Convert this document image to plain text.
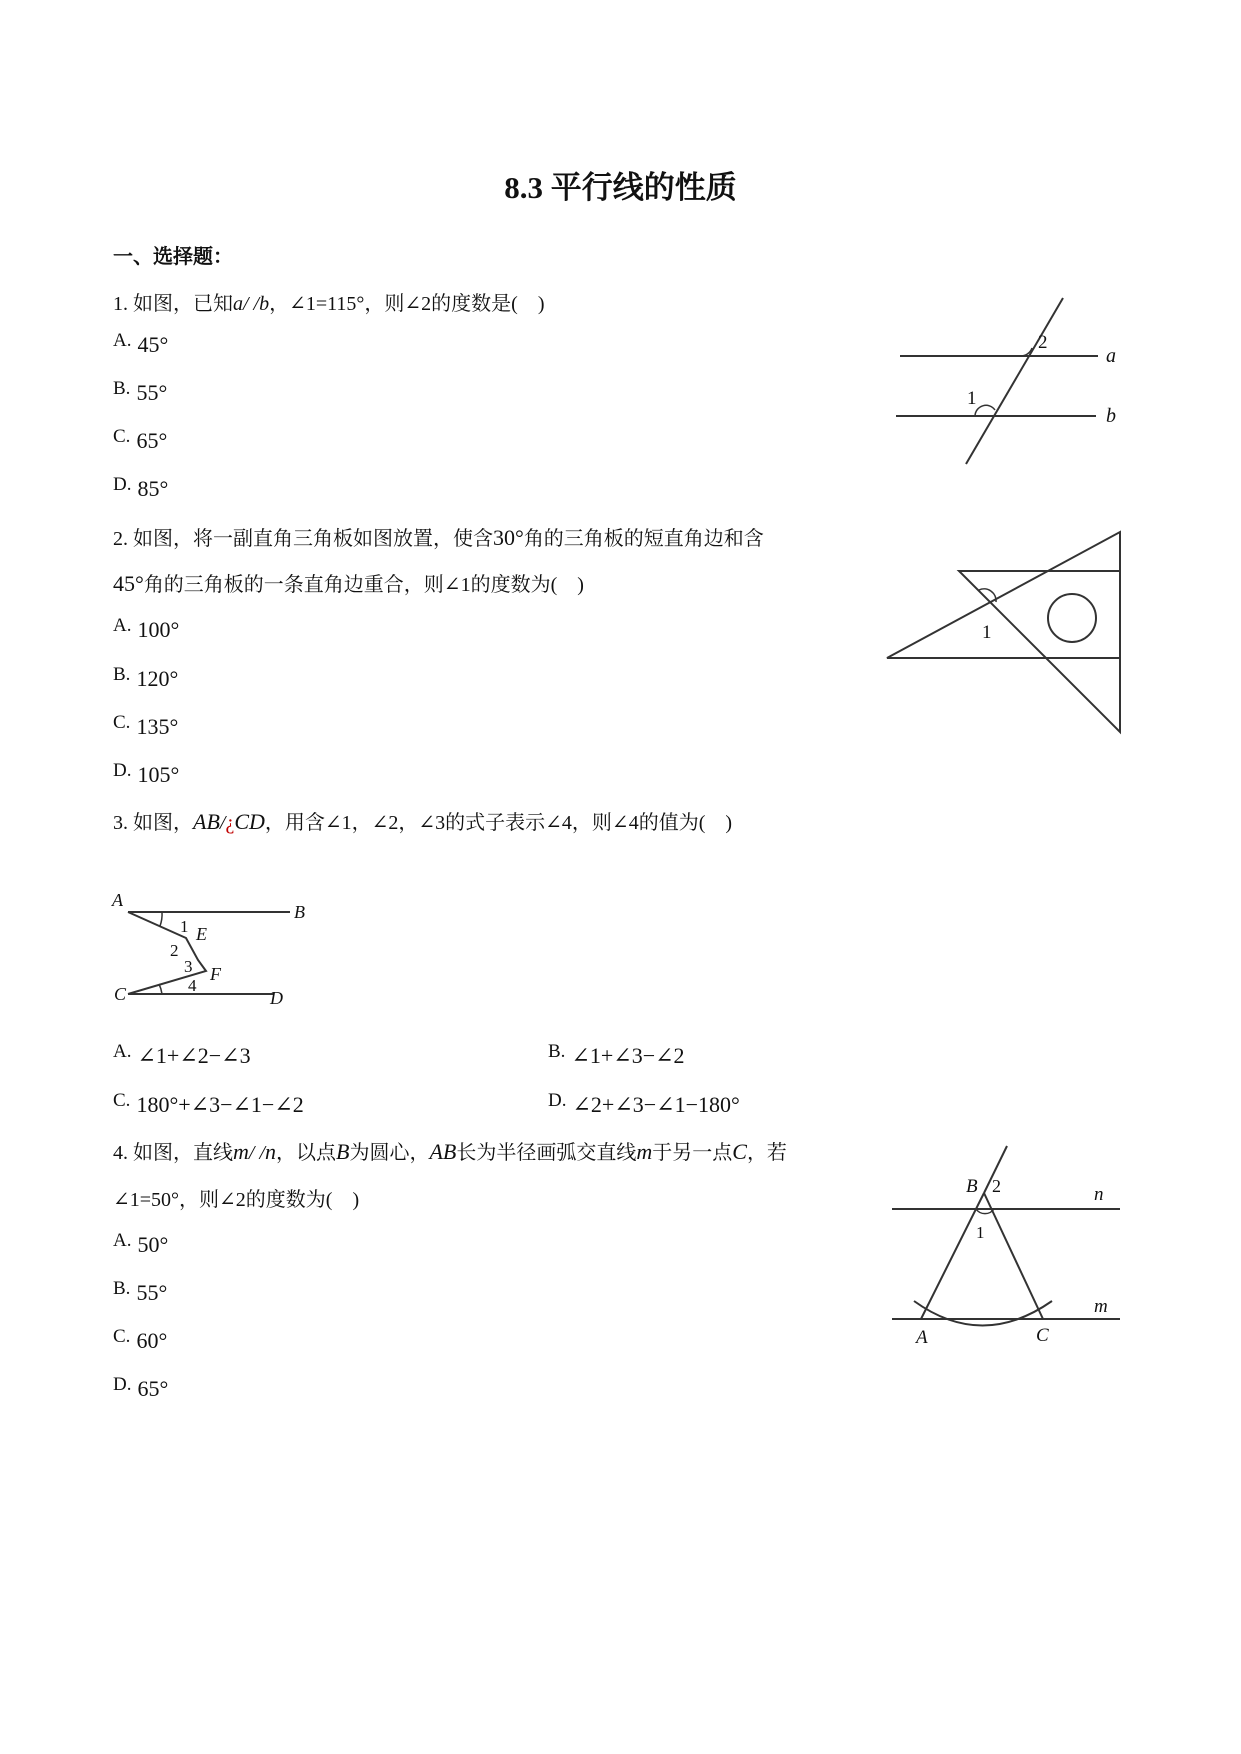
8.3 平行线的性质
一、选择题：
1. 如图，已知a/ /b，∠1=115°，则∠2的度数是(　)
A. 45°
B. 55°
C. 65°
D. 85°
2
1
a
b
2. 如图，将一副直角三角板如图放置，使含30°角的三角板的短直角边和含
45°角的三角板的一条直角边重合，则∠1的度数为(　)
A. 100°
B. 120°
C. 135°
D. 105°
1
3. 如图，AB/¿CD，用含∠1，∠2，∠3的式子表示∠4，则∠4的值为(　)
A
B
C	D
E
F
1
2
3
4
A. ∠1+∠2−∠3	B. ∠1+∠3−∠2
C. 180°+∠3−∠1−∠2	D. ∠2+∠3−∠1−180°
4. 如图，直线m/ /n，以点B为圆心，AB长为半径画弧交直线m于另一点C，若
∠1=50°，则∠2的度数为(　)
A. 50°
B. 55°
C. 60°
D. 65°
B 2
1
n
m
A	C
